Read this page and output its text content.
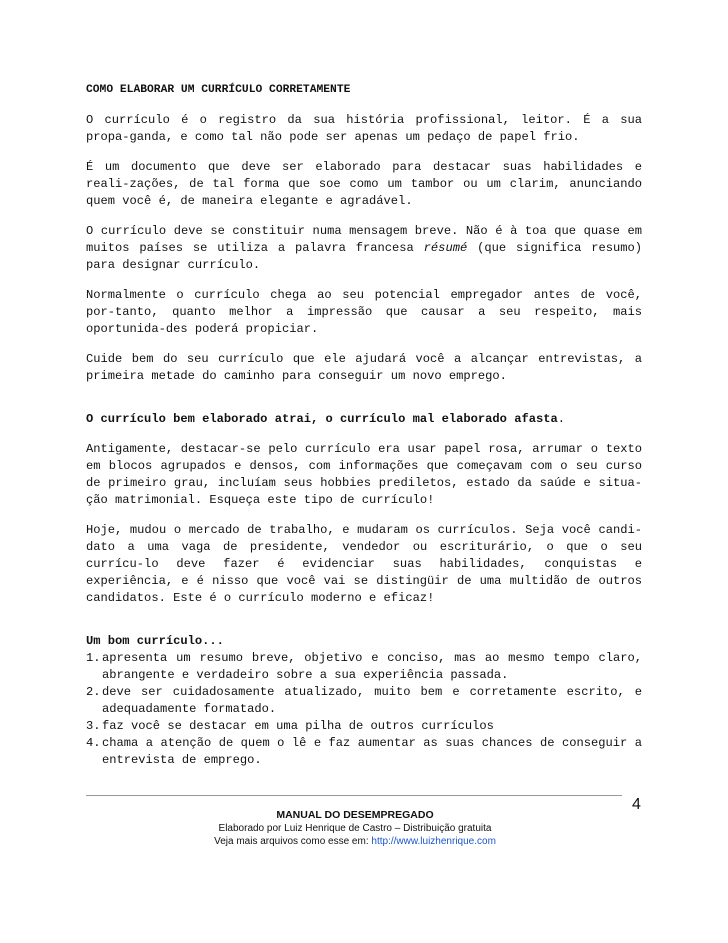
COMO ELABORAR UM CURRÍCULO CORRETAMENTE

O currículo é o registro da sua história profissional, leitor. É a sua propa-ganda, e como tal não pode ser apenas um pedaço de papel frio.

É um documento que deve ser elaborado para destacar suas habilidades e reali-zações, de tal forma que soe como um tambor ou um clarim, anunciando quem você é, de maneira elegante e agradável.

O currículo deve se constituir numa mensagem breve. Não é à toa que quase em muitos países se utiliza a palavra francesa résumé (que significa resumo) para designar currículo.

Normalmente o currículo chega ao seu potencial empregador antes de você, por-tanto, quanto melhor a impressão que causar a seu respeito, mais oportunida-des poderá propiciar.

Cuide bem do seu currículo que ele ajudará você a alcançar entrevistas, a primeira metade do caminho para conseguir um novo emprego.

O currículo bem elaborado atrai, o currículo mal elaborado afasta.

Antigamente, destacar-se pelo currículo era usar papel rosa, arrumar o texto em blocos agrupados e densos, com informações que começavam com o seu curso de primeiro grau, incluíam seus hobbies prediletos, estado da saúde e situa-ção matrimonial. Esqueça este tipo de currículo!

Hoje, mudou o mercado de trabalho, e mudaram os currículos. Seja você candi-dato a uma vaga de presidente, vendedor ou escriturário, o que o seu currícu-lo deve fazer é evidenciar suas habilidades, conquistas e experiência, e é nisso que você vai se distingüir de uma multidão de outros candidatos. Este é o currículo moderno e eficaz!

Um bom currículo...
1. apresenta um resumo breve, objetivo e conciso, mas ao mesmo tempo claro, abrangente e verdadeiro sobre a sua experiência passada.
2. deve ser cuidadosamente atualizado, muito bem e corretamente escrito, e adequadamente formatado.
3. faz você se destacar em uma pilha de outros currículos
4. chama a atenção de quem o lê e faz aumentar as suas chances de conseguir a entrevista de emprego.
4
MANUAL DO DESEMPREGADO
Elaborado por Luiz Henrique de Castro – Distribuição gratuita
Veja mais arquivos como esse em: http://www.luizhenrique.com
